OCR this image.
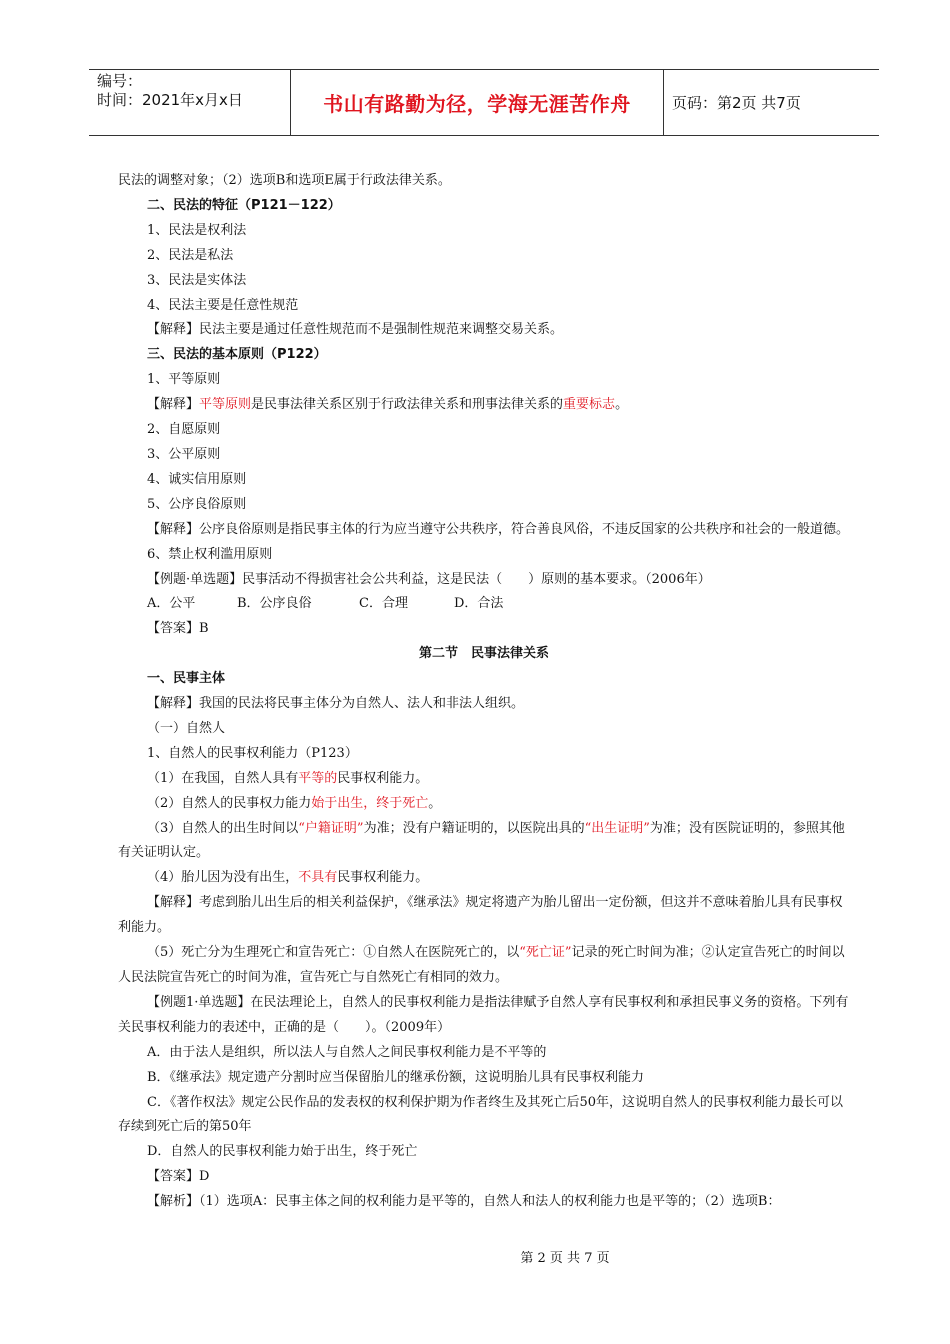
编号：
时间：2021年x月x日	书山有路勤为径，学海无涯苦作舟	页码：第2页 共7页

民法的调整对象；（2）选项B和选项E属于行政法律关系。

二、民法的特征（P121－122）

1、民法是权利法

2、民法是私法

3、民法是实体法

4、民法主要是任意性规范

【解释】民法主要是通过任意性规范而不是强制性规范来调整交易关系。

三、民法的基本原则（P122）

1、平等原则

【解释】平等原则是民事法律关系区别于行政法律关系和刑事法律关系的重要标志。

2、自愿原则

3、公平原则

4、诚实信用原则

5、公序良俗原则

【解释】公序良俗原则是指民事主体的行为应当遵守公共秩序，符合善良风俗，不违反国家的公共秩序和社会的一般道德。

6、禁止权利滥用原则

【例题·单选题】民事活动不得损害社会公共利益，这是民法（　　）原则的基本要求。（2006年）

A．公平	B．公序良俗	C．合理	D．合法

【答案】B

第二节　民事法律关系

一、民事主体

【解释】我国的民法将民事主体分为自然人、法人和非法人组织。

（一）自然人

1、自然人的民事权利能力（P123）

（1）在我国，自然人具有平等的民事权利能力。

（2）自然人的民事权力能力始于出生，终于死亡。

（3）自然人的出生时间以“户籍证明”为准；没有户籍证明的，以医院出具的“出生证明”为准；没有医院证明的，参照其他有关证明认定。

（4）胎儿因为没有出生，不具有民事权利能力。

【解释】考虑到胎儿出生后的相关利益保护，《继承法》规定将遗产为胎儿留出一定份额，但这并不意味着胎儿具有民事权利能力。

（5）死亡分为生理死亡和宣告死亡：①自然人在医院死亡的，以“死亡证”记录的死亡时间为准；②认定宣告死亡的时间以人民法院宣告死亡的时间为准，宣告死亡与自然死亡有相同的效力。

【例题1·单选题】在民法理论上，自然人的民事权利能力是指法律赋予自然人享有民事权利和承担民事义务的资格。下列有关民事权利能力的表述中，正确的是（　　）。（2009年）

A．由于法人是组织，所以法人与自然人之间民事权利能力是不平等的

B．《继承法》规定遗产分割时应当保留胎儿的继承份额，这说明胎儿具有民事权利能力

C．《著作权法》规定公民作品的发表权的权利保护期为作者终生及其死亡后50年，这说明自然人的民事权利能力最长可以存续到死亡后的第50年

D．自然人的民事权利能力始于出生，终于死亡

【答案】D

【解析】（1）选项A：民事主体之间的权利能力是平等的，自然人和法人的权利能力也是平等的；（2）选项B：

第 2 页 共 7 页
